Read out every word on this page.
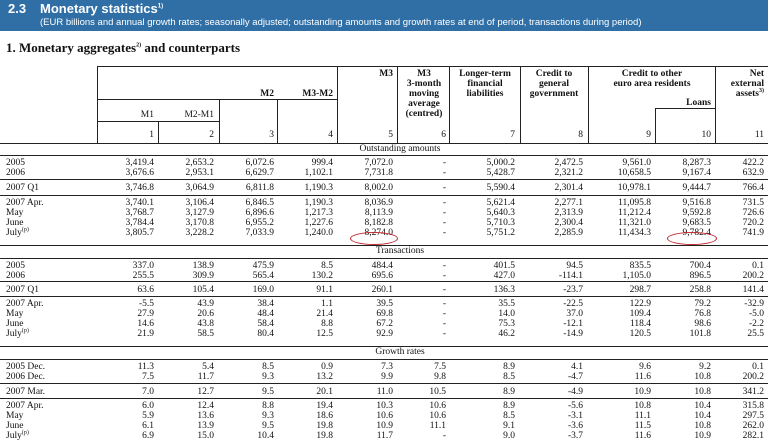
2.3 Monetary statistics$^{1)}$
(EUR billions and annual growth rates; seasonally adjusted; outstanding amounts and growth rates at end of period, transactions during period)
1. Monetary aggregates$^{2)}$ and counterparts
M3	M3
3-month
moving
average
(centred)
Longer-term
financial
liabilities
Credit to
general
government
Credit to other
euro area residents
Net
external
assets$^{3)}$
M2	M3-M2
Loans
M1	M2-M1
1	2	3	4	5	6	7	8	9	10	11
Outstanding amounts
Transactions
Growth rates
2005	3,419.4	2,653.2	6,072.6	999.4	7,072.0	-	5,000.2	2,472.5	9,561.0	8,287.3	422.2
2006	3,676.6	2,953.1	6,629.7	1,102.1	7,731.8	-	5,428.7	2,321.2	10,658.5	9,167.4	632.9
2007 Q1	3,746.8	3,064.9	6,811.8	1,190.3	8,002.0	-	5,590.4	2,301.4	10,978.1	9,444.7	766.4
2007 Apr.	3,740.1	3,106.4	6,846.5	1,190.3	8,036.9	-	5,621.4	2,277.1	11,095.8	9,516.8	731.5
May	3,768.7	3,127.9	6,896.6	1,217.3	8,113.9	-	5,640.3	2,313.9	11,212.4	9,592.8	726.6
June	3,784.4	3,170.8	6,955.2	1,227.6	8,182.8	-	5,710.3	2,300.4	11,321.0	9,683.5	720.2
July$^{(p)}$	3,805.7	3,228.2	7,033.9	1,240.0	8,274.0	-	5,751.2	2,285.9	11,434.3	9,782.4	741.9
2005	337.0	138.9	475.9	8.5	484.4	-	401.5	94.5	835.5	700.4	0.1
2006	255.5	309.9	565.4	130.2	695.6	-	427.0	-114.1	1,105.0	896.5	200.2
2007 Q1	63.6	105.4	169.0	91.1	260.1	-	136.3	-23.7	298.7	258.8	141.4
2007 Apr.	-5.5	43.9	38.4	1.1	39.5	-	35.5	-22.5	122.9	79.2	-32.9
May	27.9	20.6	48.4	21.4	69.8	-	14.0	37.0	109.4	76.8	-5.0
June	14.6	43.8	58.4	8.8	67.2	-	75.3	-12.1	118.4	98.6	-2.2
July$^{(p)}$	21.9	58.5	80.4	12.5	92.9	-	46.2	-14.9	120.5	101.8	25.5
2005 Dec.	11.3	5.4	8.5	0.9	7.3	7.5	8.9	4.1	9.6	9.2	0.1
2006 Dec.	7.5	11.7	9.3	13.2	9.9	9.8	8.5	-4.7	11.6	10.8	200.2
2007 Mar.	7.0	12.7	9.5	20.1	11.0	10.5	8.9	-4.9	10.9	10.8	341.2
2007 Apr.	6.0	12.4	8.8	19.4	10.3	10.6	8.9	-5.6	10.8	10.4	315.8
May	5.9	13.6	9.3	18.6	10.6	10.6	8.5	-3.1	11.1	10.4	297.5
June	6.1	13.9	9.5	19.8	10.9	11.1	9.1	-3.6	11.5	10.8	262.0
July$^{(p)}$	6.9	15.0	10.4	19.8	11.7	-	9.0	-3.7	11.6	10.9	282.1
